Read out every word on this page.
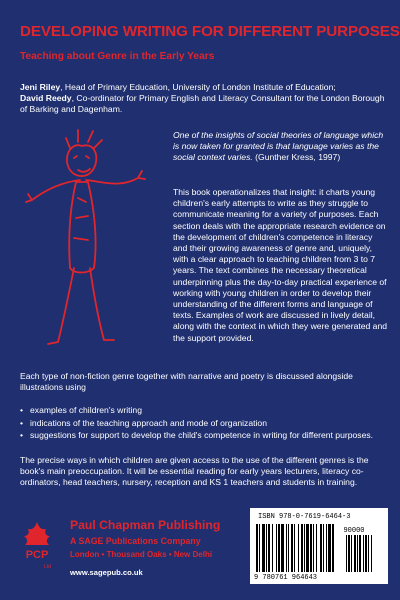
DEVELOPING WRITING FOR DIFFERENT PURPOSES
Teaching about Genre in the Early Years

Jeni Riley, Head of Primary Education, University of London Institute of Education;

David Reedy, Co-ordinator for Primary English and Literacy Consultant for the London Borough of Barking and Dagenham.

One of the insights of social theories of language which is now taken for granted is that language varies as the social context varies. (Gunther Kress, 1997)

This book operationalizes that insight: it charts young children's early attempts to write as they struggle to communicate meaning for a variety of purposes. Each section deals with the appropriate research evidence on the development of children's competence in literacy and their growing awareness of genre and, uniquely, with a clear approach to teaching children from 3 to 7 years. The text combines the necessary theoretical underpinning plus the day-to-day practical experience of working with young children in order to develop their understanding of the different forms and language of texts. Examples of work are discussed in lively detail, along with the context in which they were generated and the support provided.

Each type of non-fiction genre together with narrative and poetry is discussed alongside illustrations using

• examples of children's writing
• indications of the teaching approach and mode of organization
• suggestions for support to develop the child's competence in writing for different purposes.

The precise ways in which children are given access to the use of the different genres is the book's main preoccupation. It will be essential reading for early years lecturers, literacy co-ordinators, head teachers, nursery, reception and KS 1 teachers and students in training.

PCP
Ltd
Paul Chapman Publishing
A SAGE Publications Company
London • Thousand Oaks • New Delhi
www.sagepub.co.uk
ISBN 978-0-7619-6464-3
90000
9 780761 964643
